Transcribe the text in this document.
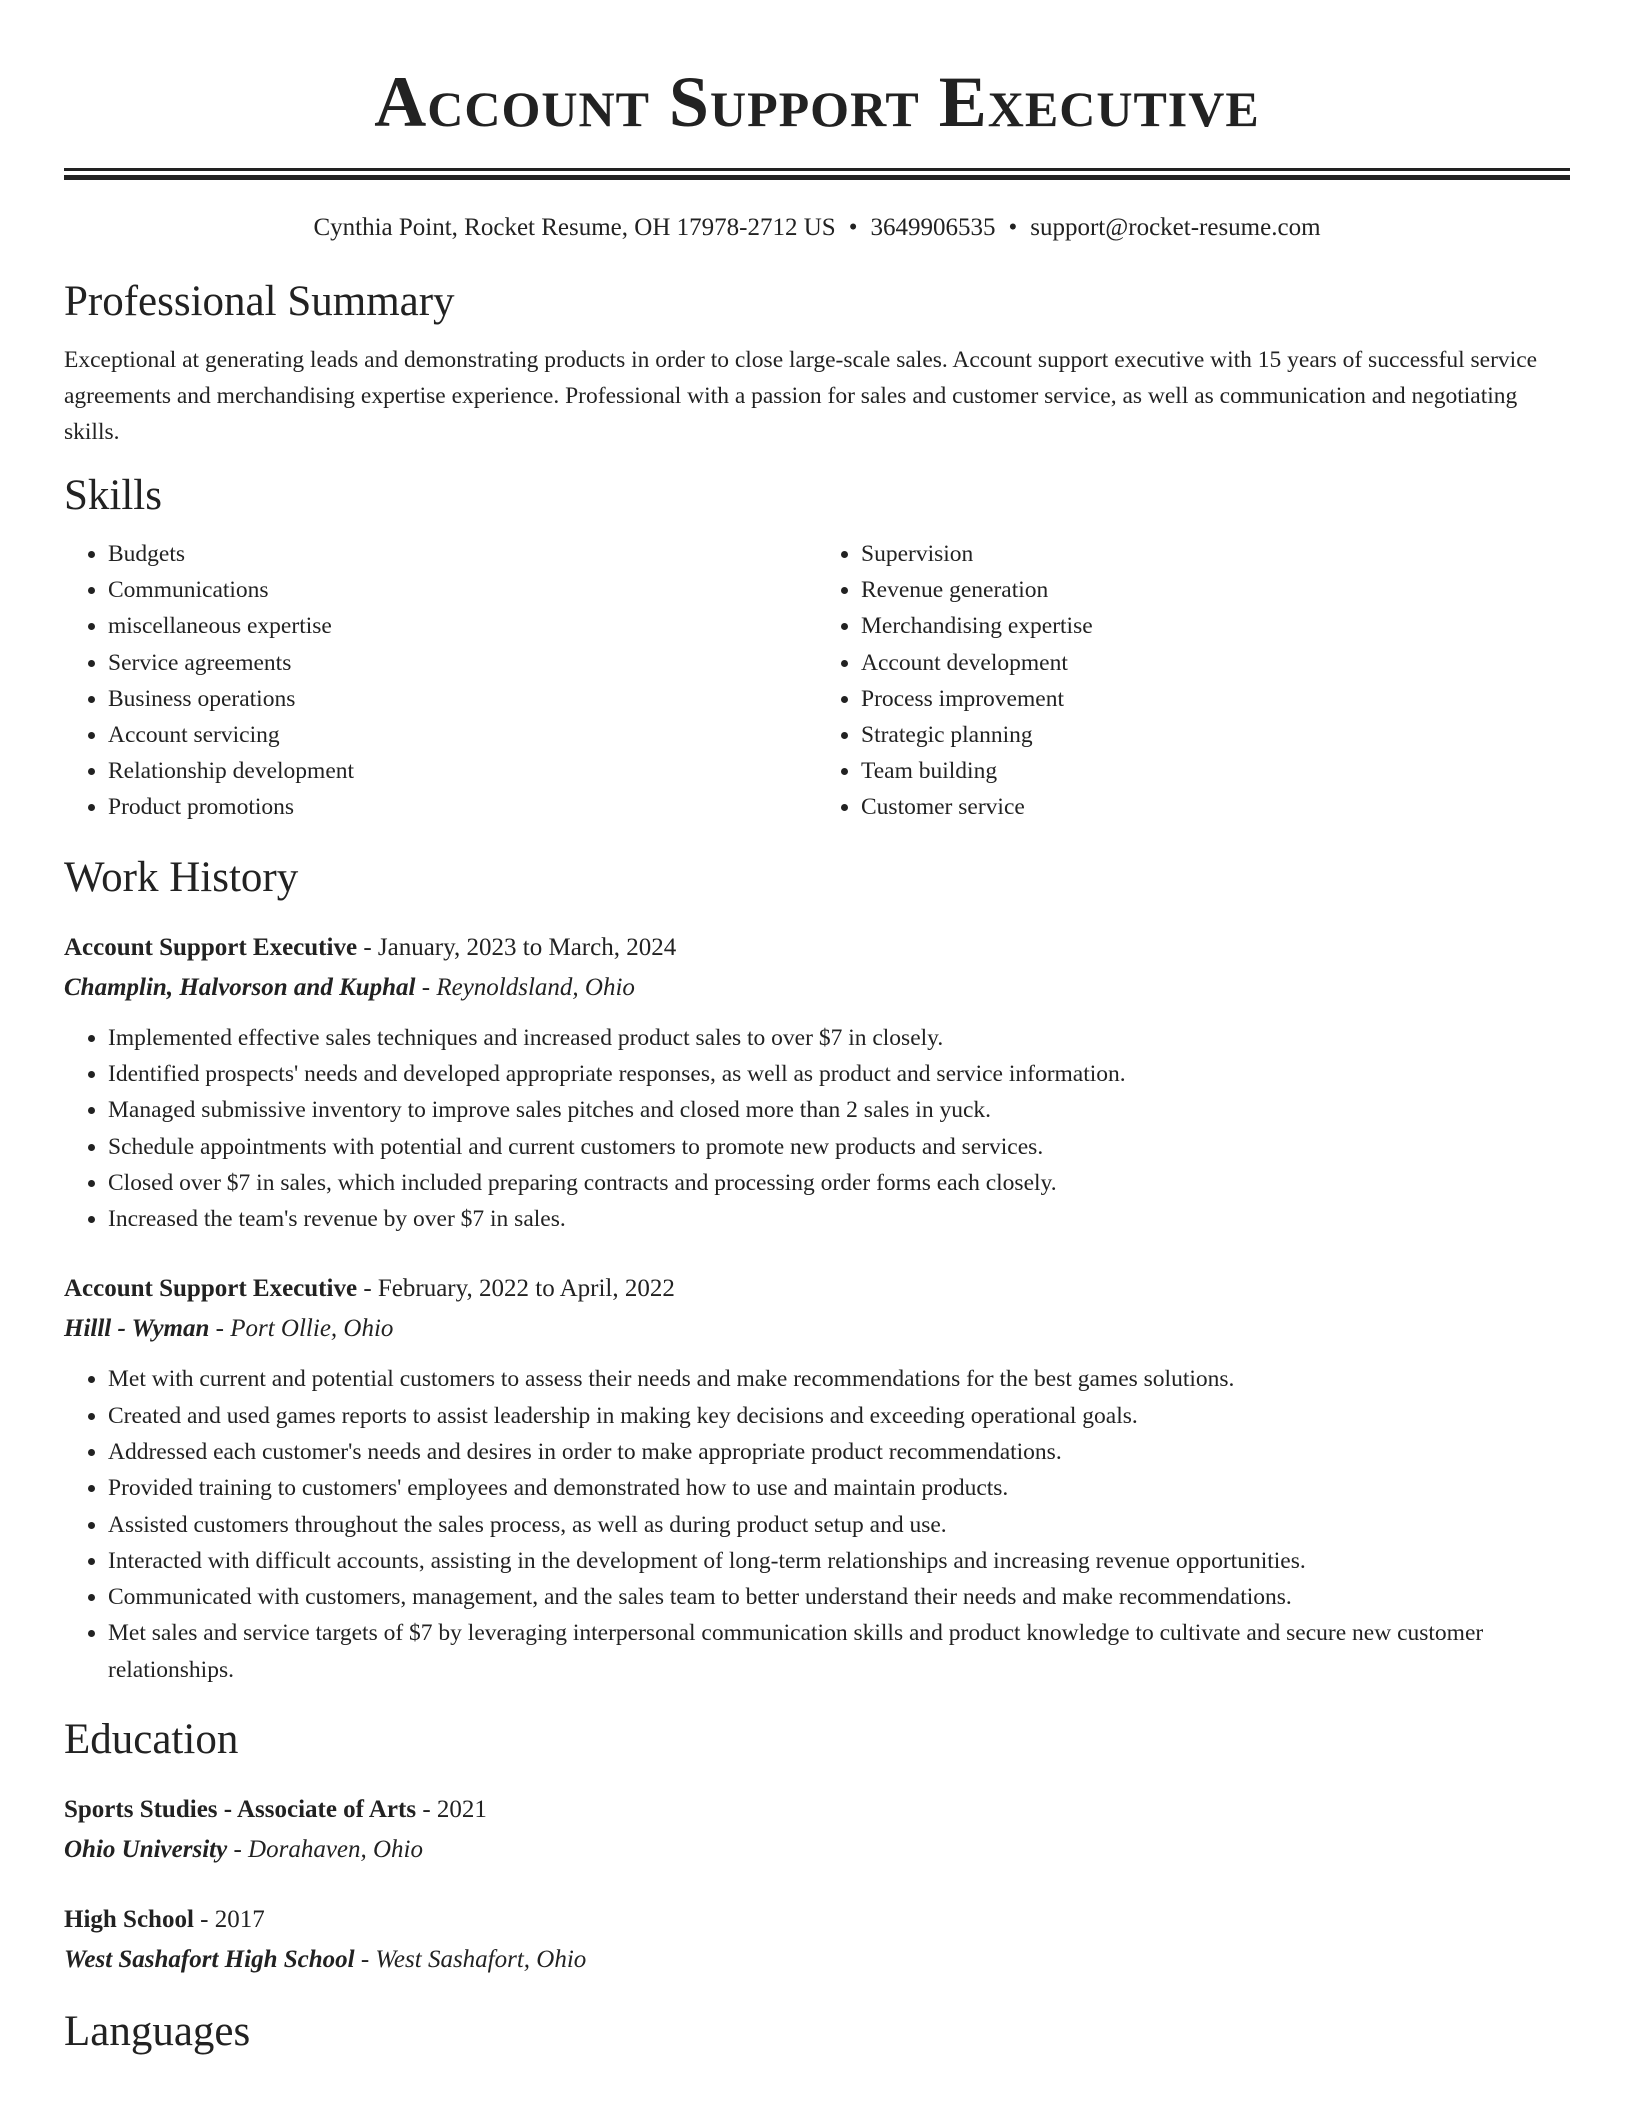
Account Support Executive
Cynthia Point, Rocket Resume, OH 17978-2712 US • 3649906535 • support@rocket-resume.com
Professional Summary
Exceptional at generating leads and demonstrating products in order to close large-scale sales. Account support executive with 15 years of successful service agreements and merchandising expertise experience. Professional with a passion for sales and customer service, as well as communication and negotiating skills.
Skills
• Budgets
• Communications
• miscellaneous expertise
• Service agreements
• Business operations
• Account servicing
• Relationship development
• Product promotions
• Supervision
• Revenue generation
• Merchandising expertise
• Account development
• Process improvement
• Strategic planning
• Team building
• Customer service
Work History
Account Support Executive - January, 2023 to March, 2024
Champlin, Halvorson and Kuphal - Reynoldsland, Ohio
• Implemented effective sales techniques and increased product sales to over $7 in closely.
• Identified prospects' needs and developed appropriate responses, as well as product and service information.
• Managed submissive inventory to improve sales pitches and closed more than 2 sales in yuck.
• Schedule appointments with potential and current customers to promote new products and services.
• Closed over $7 in sales, which included preparing contracts and processing order forms each closely.
• Increased the team's revenue by over $7 in sales.
Account Support Executive - February, 2022 to April, 2022
Hilll - Wyman - Port Ollie, Ohio
• Met with current and potential customers to assess their needs and make recommendations for the best games solutions.
• Created and used games reports to assist leadership in making key decisions and exceeding operational goals.
• Addressed each customer's needs and desires in order to make appropriate product recommendations.
• Provided training to customers' employees and demonstrated how to use and maintain products.
• Assisted customers throughout the sales process, as well as during product setup and use.
• Interacted with difficult accounts, assisting in the development of long-term relationships and increasing revenue opportunities.
• Communicated with customers, management, and the sales team to better understand their needs and make recommendations.
• Met sales and service targets of $7 by leveraging interpersonal communication skills and product knowledge to cultivate and secure new customer relationships.
Education
Sports Studies - Associate of Arts - 2021
Ohio University - Dorahaven, Ohio
High School - 2017
West Sashafort High School - West Sashafort, Ohio
Languages
